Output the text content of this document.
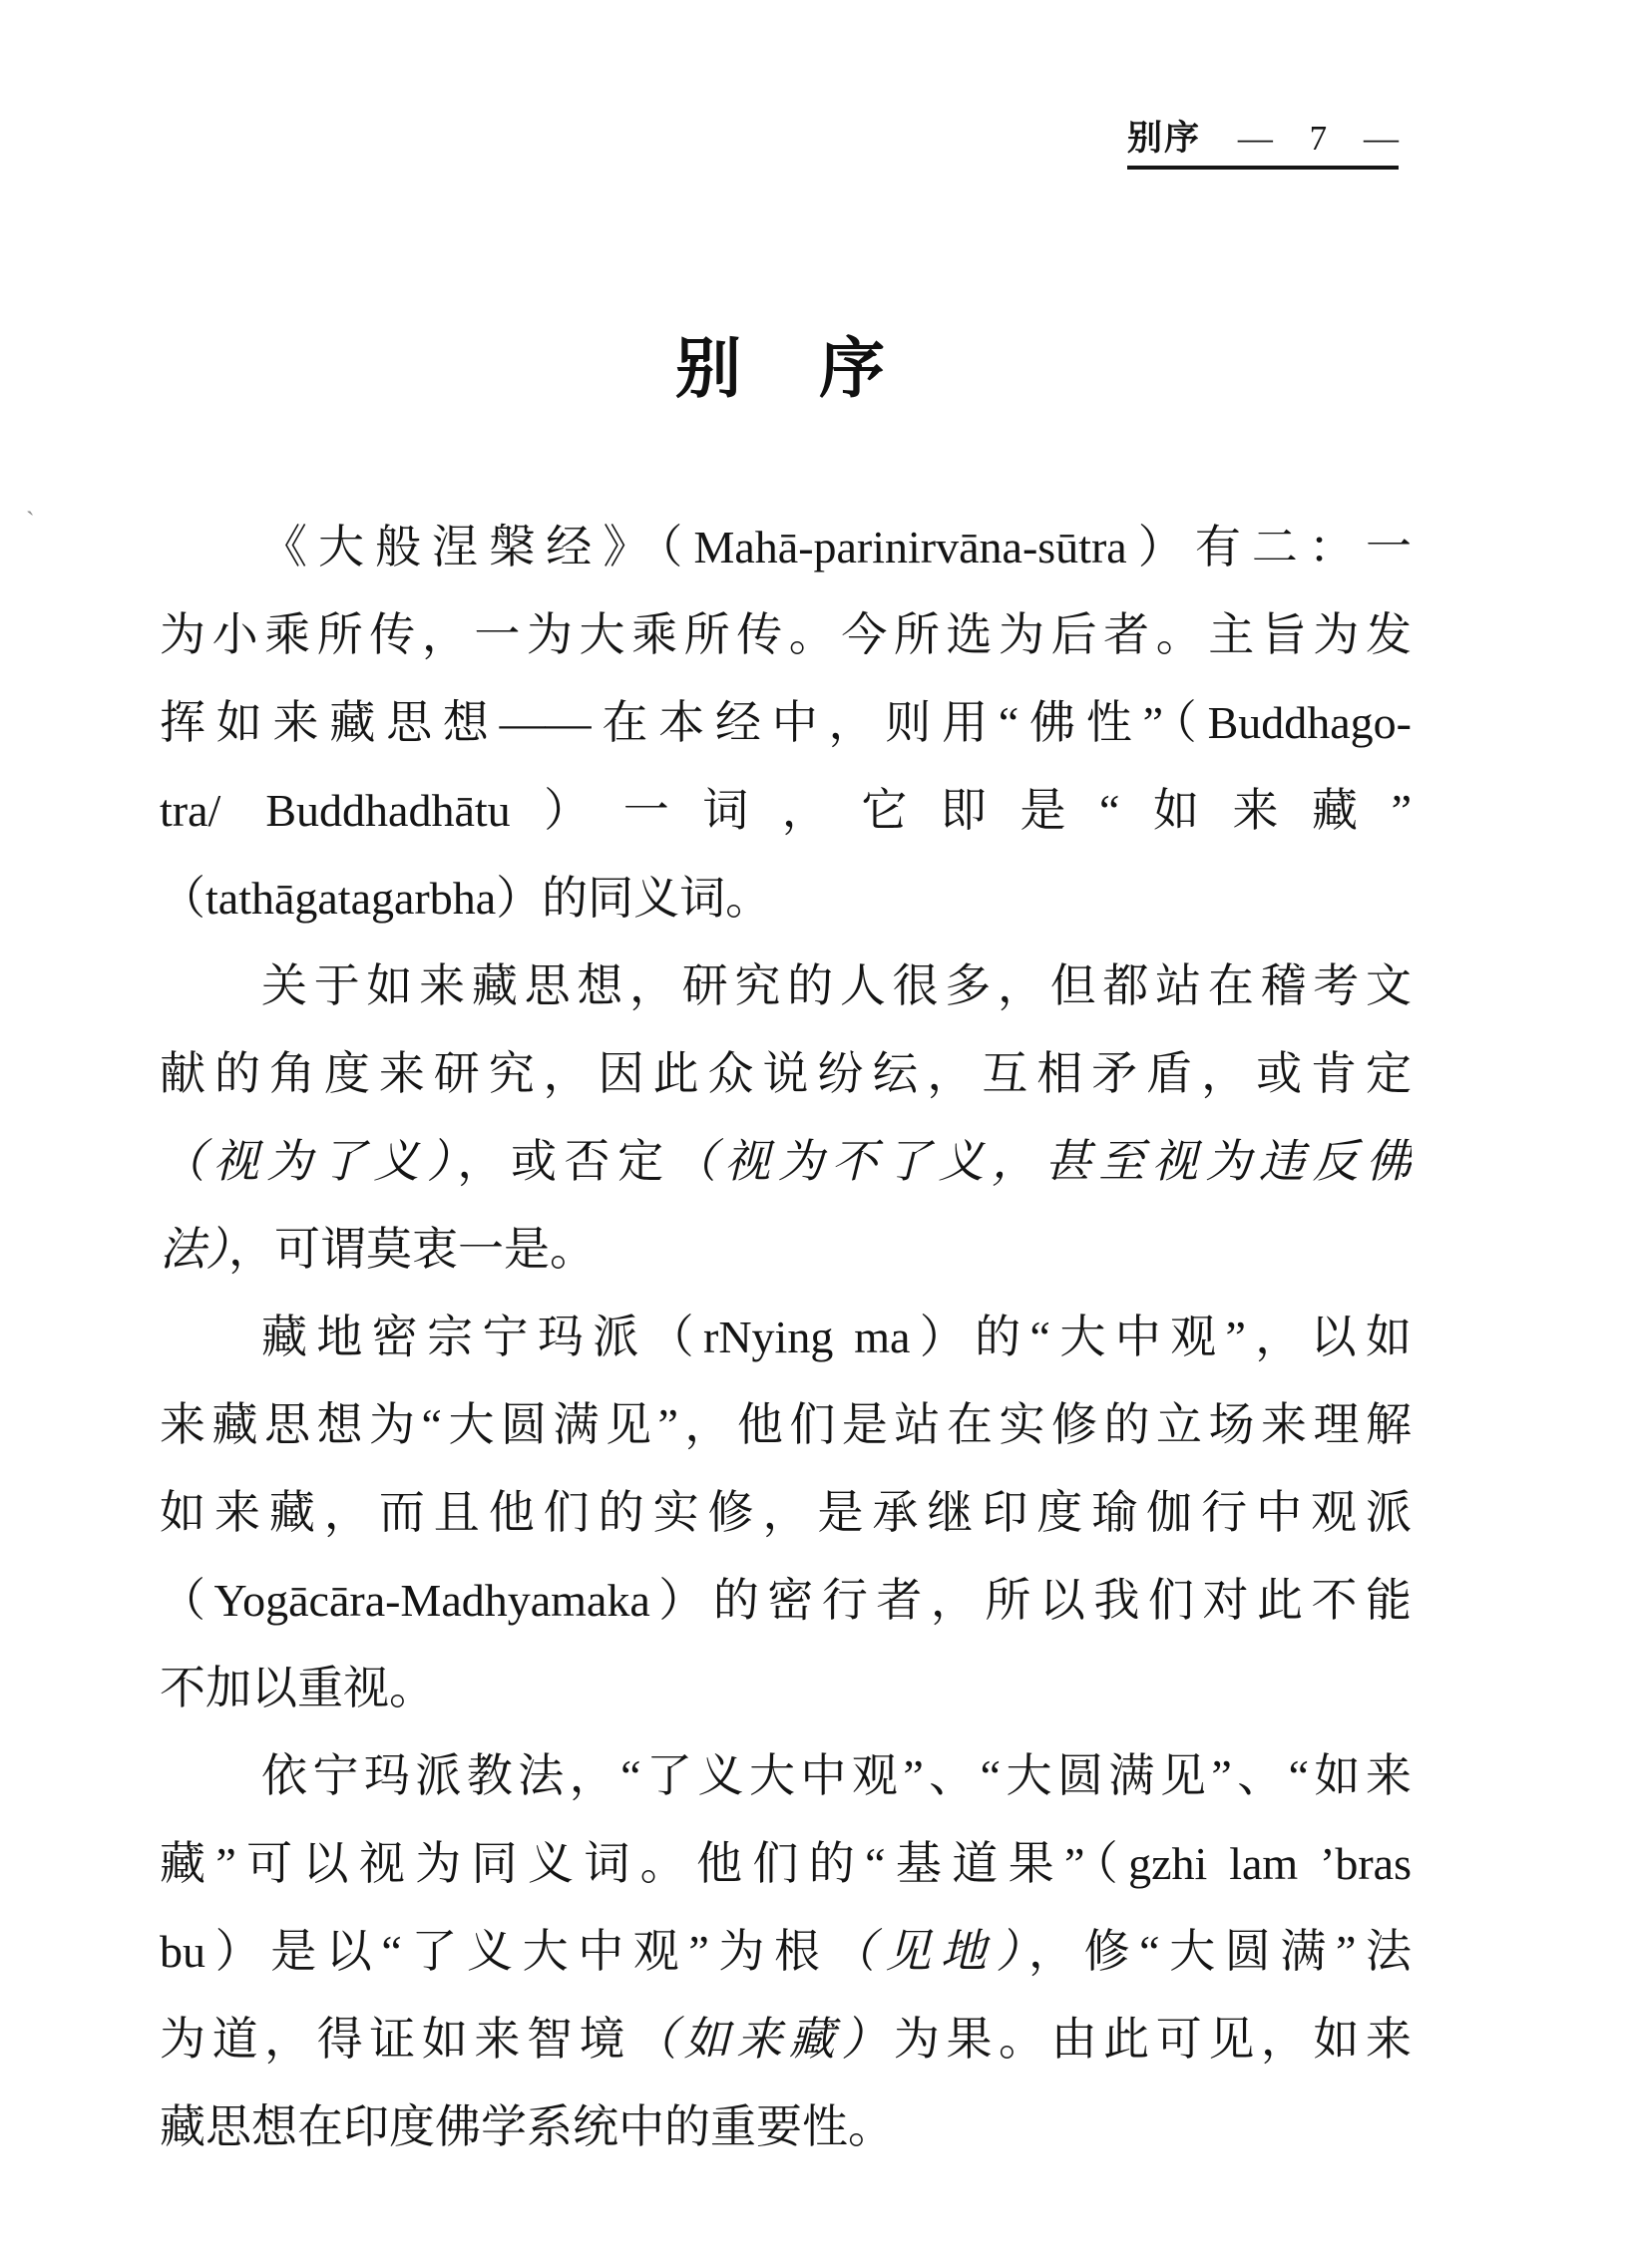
别序 — 7 —
别　序
`
《大般涅槃经》（Mahā-parinirvāna-sūtra）有二：一
为小乘所传，一为大乘所传。今所选为后者。主旨为发
挥如来藏思想——在本经中，则用“佛性”（Buddhago-
tra/ Buddhadhātu）一词，它即是“如来藏”
（tathāgatagarbha）的同义词。
关于如来藏思想，研究的人很多，但都站在稽考文
献的角度来研究，因此众说纷纭，互相矛盾，或肯定
（视为了义），或否定（视为不了义，甚至视为违反佛
法），可谓莫衷一是。
藏地密宗宁玛派（rNying ma）的“大中观”，以如
来藏思想为“大圆满见”，他们是站在实修的立场来理解
如来藏，而且他们的实修，是承继印度瑜伽行中观派
（Yogācāra-Madhyamaka）的密行者，所以我们对此不能
不加以重视。
依宁玛派教法，“了义大中观”、“大圆满见”、“如来
藏”可以视为同义词。他们的“基道果”（gzhi lam ’bras
bu）是以“了义大中观”为根（见地），修“大圆满”法
为道，得证如来智境（如来藏）为果。由此可见，如来
藏思想在印度佛学系统中的重要性。
